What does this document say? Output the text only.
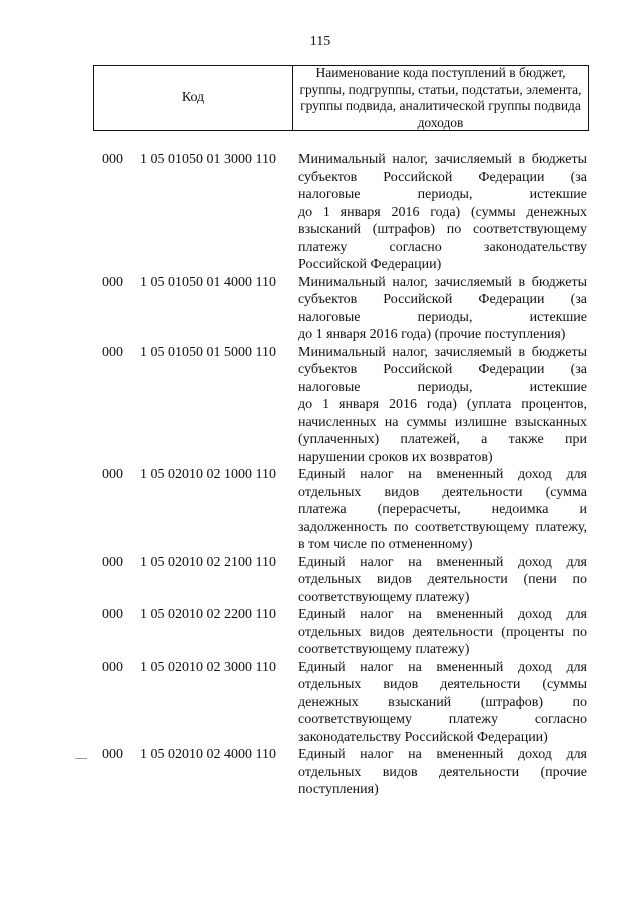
115
Код
Наименование кода поступлений в бюджет, группы, подгруппы, статьи, подстатьи, элемента, группы подвида, аналитической группы подвида доходов
000 1 05 01050 01 3000 110 Минимальный налог, зачисляемый в бюджеты
субъектов Российской Федерации (за
налоговые периоды, истекшие
до 1 января 2016 года) (суммы денежных
взысканий (штрафов) по соответствующему
платежу согласно законодательству
Российской Федерации)
000 1 05 01050 01 4000 110 Минимальный налог, зачисляемый в бюджеты
субъектов Российской Федерации (за
налоговые периоды, истекшие
до 1 января 2016 года) (прочие поступления)
000 1 05 01050 01 5000 110 Минимальный налог, зачисляемый в бюджеты
субъектов Российской Федерации (за
налоговые периоды, истекшие
до 1 января 2016 года) (уплата процентов,
начисленных на суммы излишне взысканных
(уплаченных) платежей, а также при
нарушении сроков их возвратов)
000 1 05 02010 02 1000 110 Единый налог на вмененный доход для
отдельных видов деятельности (сумма
платежа (перерасчеты, недоимка и
задолженность по соответствующему платежу,
в том числе по отмененному)
000 1 05 02010 02 2100 110 Единый налог на вмененный доход для
отдельных видов деятельности (пени по
соответствующему платежу)
000 1 05 02010 02 2200 110 Единый налог на вмененный доход для
отдельных видов деятельности (проценты по
соответствующему платежу)
000 1 05 02010 02 3000 110 Единый налог на вмененный доход для
отдельных видов деятельности (суммы
денежных взысканий (штрафов) по
соответствующему платежу согласно
законодательству Российской Федерации)
000 1 05 02010 02 4000 110 Единый налог на вмененный доход для
отдельных видов деятельности (прочие
поступления)
